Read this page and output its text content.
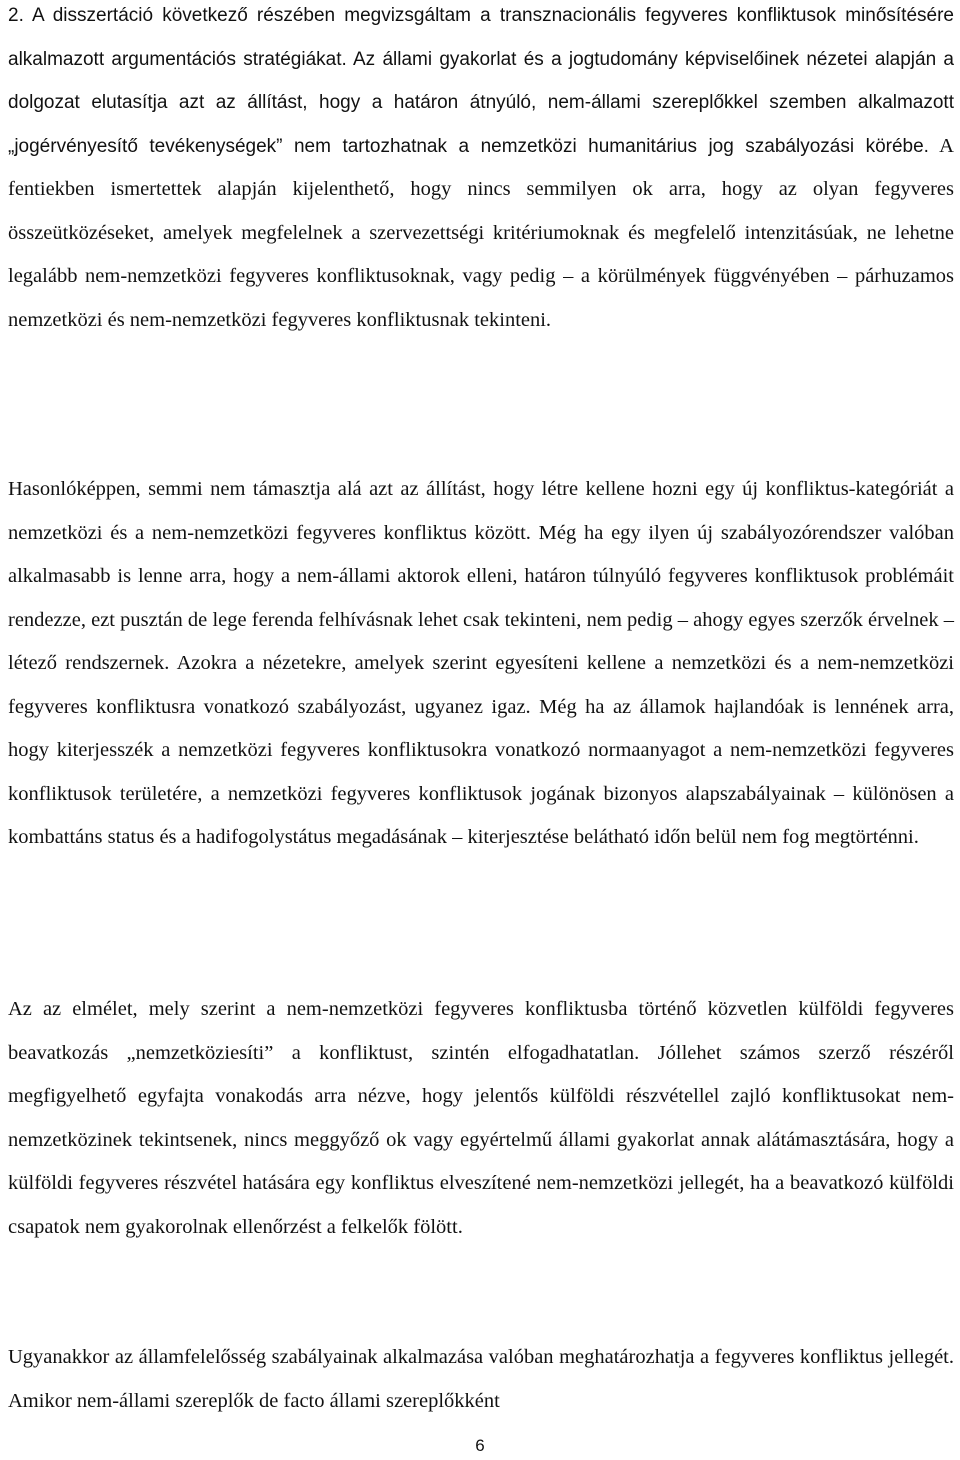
2. A disszertáció következő részében megvizsgáltam a transznacionális fegyveres konfliktusok minősítésére alkalmazott argumentációs stratégiákat. Az állami gyakorlat és a jogtudomány képviselőinek nézetei alapján a dolgozat elutasítja azt az állítást, hogy a határon átnyúló, nem-állami szereplőkkel szemben alkalmazott „jogérvényesítő tevékenységek” nem tartozhatnak a nemzetközi humanitárius jog szabályozási körébe. A fentiekben ismertettek alapján kijelenthető, hogy nincs semmilyen ok arra, hogy az olyan fegyveres összeütközéseket, amelyek megfelelnek a szervezettségi kritériumoknak és megfelelő intenzitásúak, ne lehetne legalább nem-nemzetközi fegyveres konfliktusoknak, vagy pedig – a körülmények függvényében – párhuzamos nemzetközi és nem-nemzetközi fegyveres konfliktusnak tekinteni.

Hasonlóképpen, semmi nem támasztja alá azt az állítást, hogy létre kellene hozni egy új konfliktus-kategóriát a nemzetközi és a nem-nemzetközi fegyveres konfliktus között. Még ha egy ilyen új szabályozórendszer valóban alkalmasabb is lenne arra, hogy a nem-állami aktorok elleni, határon túlnyúló fegyveres konfliktusok problémáit rendezze, ezt pusztán de lege ferenda felhívásnak lehet csak tekinteni, nem pedig – ahogy egyes szerzők érvelnek – létező rendszernek. Azokra a nézetekre, amelyek szerint egyesíteni kellene a nemzetközi és a nem-nemzetközi fegyveres konfliktusra vonatkozó szabályozást, ugyanez igaz. Még ha az államok hajlandóak is lennének arra, hogy kiterjesszék a nemzetközi fegyveres konfliktusokra vonatkozó normaanyagot a nem-nemzetközi fegyveres konfliktusok területére, a nemzetközi fegyveres konfliktusok jogának bizonyos alapszabályainak – különösen a kombattáns status és a hadifogolystátus megadásának – kiterjesztése belátható időn belül nem fog megtörténni.

Az az elmélet, mely szerint a nem-nemzetközi fegyveres konfliktusba történő közvetlen külföldi fegyveres beavatkozás „nemzetköziesíti” a konfliktust, szintén elfogadhatatlan. Jóllehet számos szerző részéről megfigyelhető egyfajta vonakodás arra nézve, hogy jelentős külföldi részvétellel zajló konfliktusokat nem-nemzetközinek tekintsenek, nincs meggyőző ok vagy egyértelmű állami gyakorlat annak alátámasztására, hogy a külföldi fegyveres részvétel hatására egy konfliktus elveszítené nem-nemzetközi jellegét, ha a beavatkozó külföldi csapatok nem gyakorolnak ellenőrzést a felkelők fölött.

Ugyanakkor az államfelelősség szabályainak alkalmazása valóban meghatározhatja a fegyveres konfliktus jellegét. Amikor nem-állami szereplők de facto állami szereplőkként

6
